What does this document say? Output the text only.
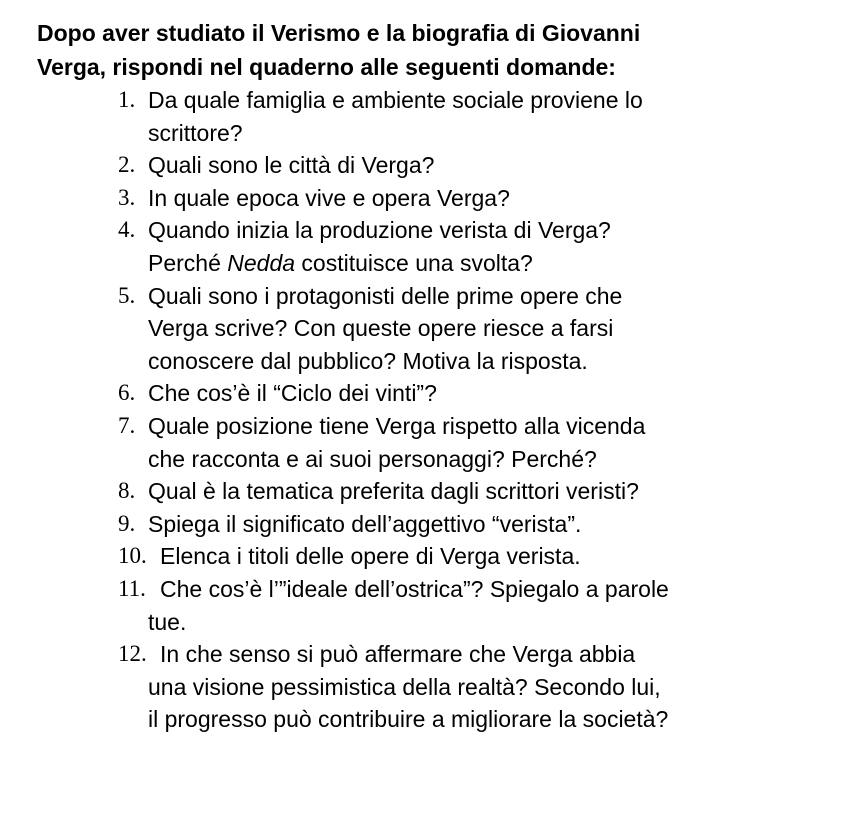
Dopo aver studiato il Verismo e la biografia di Giovanni
Verga, rispondi nel quaderno alle seguenti domande:
1. Da quale famiglia e ambiente sociale proviene lo
scrittore?
2. Quali sono le città di Verga?
3. In quale epoca vive e opera Verga?
4. Quando inizia la produzione verista di Verga?
Perché Nedda costituisce una svolta?
5. Quali sono i protagonisti delle prime opere che
Verga scrive? Con queste opere riesce a farsi
conoscere dal pubblico? Motiva la risposta.
6. Che cos’è il “Ciclo dei vinti”?
7. Quale posizione tiene Verga rispetto alla vicenda
che racconta e ai suoi personaggi? Perché?
8. Qual è la tematica preferita dagli scrittori veristi?
9. Spiega il significato dell’aggettivo “verista”.
10. Elenca i titoli delle opere di Verga verista.
11. Che cos’è l’”ideale dell’ostrica”? Spiegalo a parole
tue.
12. In che senso si può affermare che Verga abbia
una visione pessimistica della realtà? Secondo lui,
il progresso può contribuire a migliorare la società?
